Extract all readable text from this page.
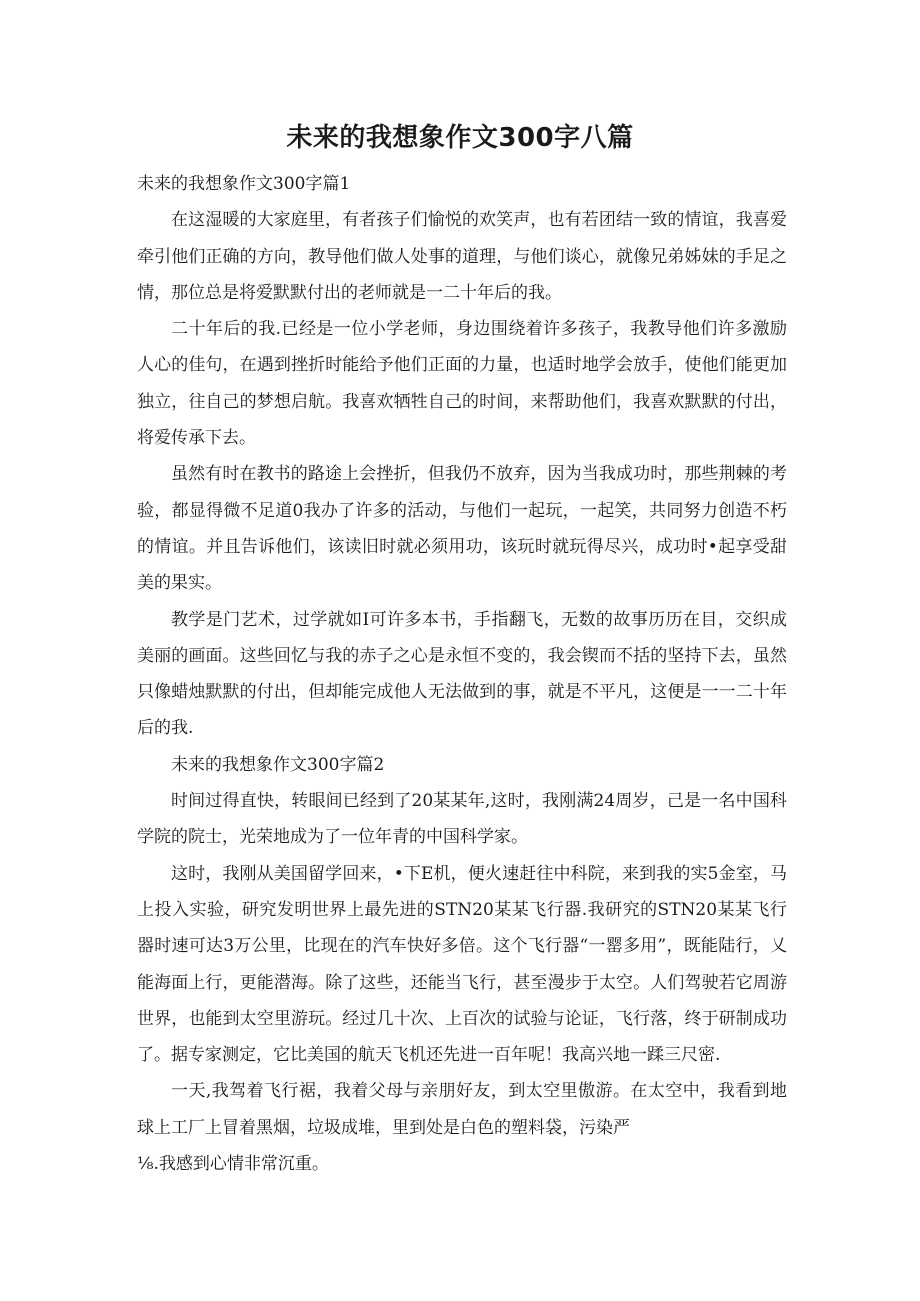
未来的我想象作文300字八篇

未来的我想象作文300字篇1

在这湿暖的大家庭里，有者孩子们愉悦的欢笑声，也有若团结一致的情谊，我喜爱牵引他们正确的方向，教导他们做人处事的道理，与他们谈心，就像兄弟姊妹的手足之情，那位总是将爱默默付出的老师就是一二十年后的我。

二十年后的我.已经是一位小学老师，身边围绕着许多孩子，我教导他们许多激励人心的佳句，在遇到挫折时能给予他们正面的力量，也适时地学会放手，使他们能更加独立，往自己的梦想启航。我喜欢牺牲自己的时间，来帮助他们，我喜欢默默的付出，将爱传承下去。

虽然有时在教书的路途上会挫折，但我仍不放弃，因为当我成功时，那些荆棘的考验，都显得微不足道0我办了许多的活动，与他们一起玩，一起笑，共同努力创造不朽的情谊。并且告诉他们，该读旧时就必须用功，该玩时就玩得尽兴，成功时•起享受甜美的果实。

教学是门艺术，过学就如I可许多本书，手指翻飞，无数的故事历历在目，交织成美丽的画面。这些回忆与我的赤子之心是永恒不变的，我会锲而不括的坚持下去，虽然只像蜡烛默默的付出，但却能完成他人无法做到的事，就是不平凡，这便是一一二十年后的我.

未来的我想象作文300字篇2

时间过得直快，转眼间已经到了20某某年,这时，我刚满24周岁，己是一名中国科学院的院士，光荣地成为了一位年青的中国科学家。

这时，我刚从美国留学回来，•下E机，便火速赶往中科院，来到我的实5金室，马上投入实验，研究发明世界上最先进的STN20某某飞行器.我研究的STN20某某飞行器时速可达3万公里，比现在的汽车快好多倍。这个飞行器“一罂多用”，既能陆行，乂能海面上行，更能潜海。除了这些，还能当飞行，甚至漫步于太空。人们驾驶若它周游世界，也能到太空里游玩。经过几十次、上百次的试验与论证，飞行落，终于研制成功了。据专家测定，它比美国的航天飞机还先进一百年呢！我高兴地一蹂三尺密.

一天,我驾着飞行裾，我着父母与亲朋好友，到太空里傲游。在太空中，我看到地球上工厂上冒着黑烟，垃圾成堆，里到处是白色的塑料袋，污染严

⅛.我感到心情非常沉重。
